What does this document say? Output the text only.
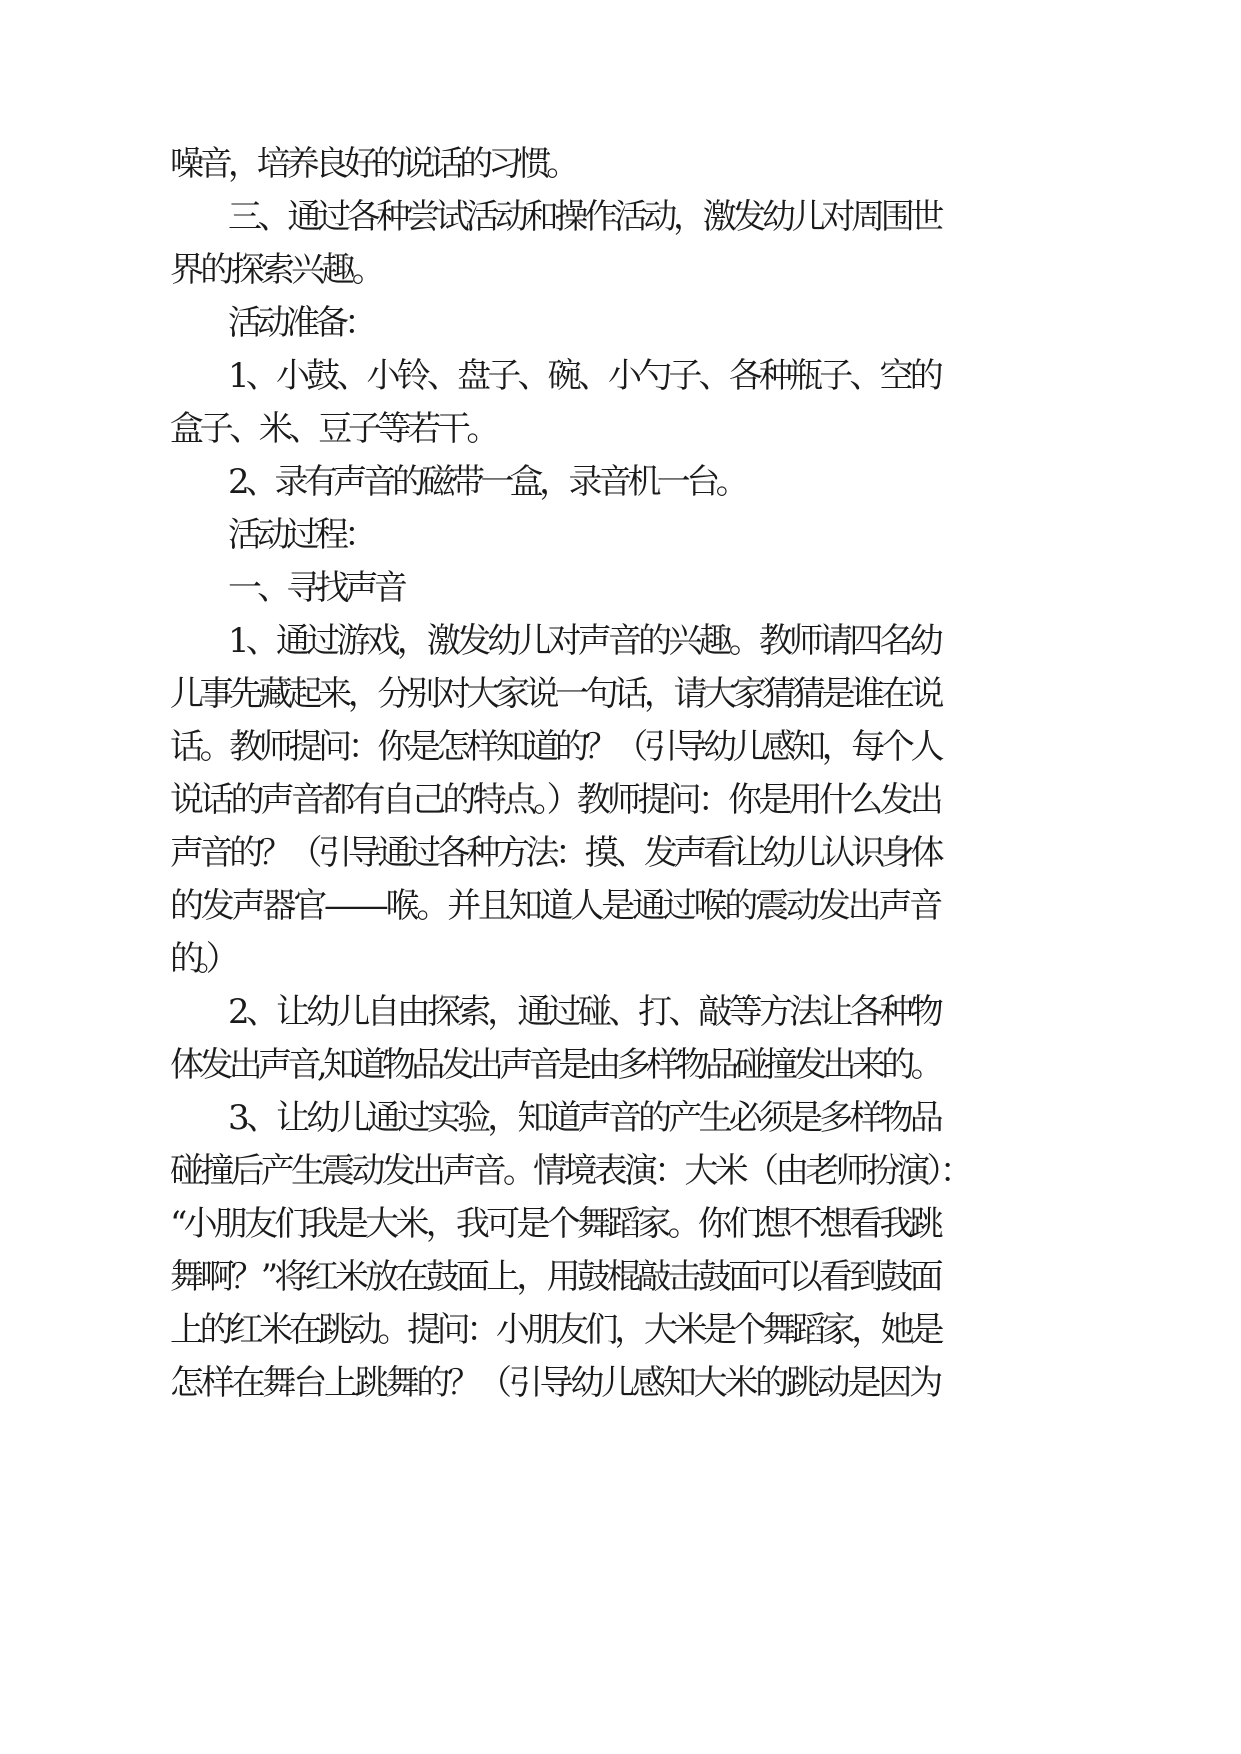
噪音，培养良好的说话的习惯。
三、通过各种尝试活动和操作活动，激发幼儿对周围世
界的探索兴趣。
活动准备：
1、小鼓、小铃、盘子、碗、小勺子、各种瓶子、空的
盒子、米、豆子等若干。
2、录有声音的磁带一盒，录音机一台。
活动过程：
一、寻找声音
1、通过游戏，激发幼儿对声音的兴趣。教师请四名幼
儿事先藏起来，分别对大家说一句话，请大家猜猜是谁在说
话。教师提问：你是怎样知道的？（引导幼儿感知，每个人
说话的声音都有自己的特点。）教师提问：你是用什么发出
声音的？（引导通过各种方法：摸、发声看让幼儿认识身体
的发声器官——喉。并且知道人是通过喉的震动发出声音
的。）
2、让幼儿自由探索，通过碰、打、敲等方法让各种物
体发出声音,知道物品发出声音是由多样物品碰撞发出来的。
3、让幼儿通过实验，知道声音的产生必须是多样物品
碰撞后产生震动发出声音。情境表演：大米（由老师扮演）：
“小朋友们我是大米，我可是个舞蹈家。你们想不想看我跳
舞啊？”将红米放在鼓面上，用鼓棍敲击鼓面可以看到鼓面
上的红米在跳动。提问：小朋友们，大米是个舞蹈家，她是
怎样在舞台上跳舞的？（引导幼儿感知大米的跳动是因为
